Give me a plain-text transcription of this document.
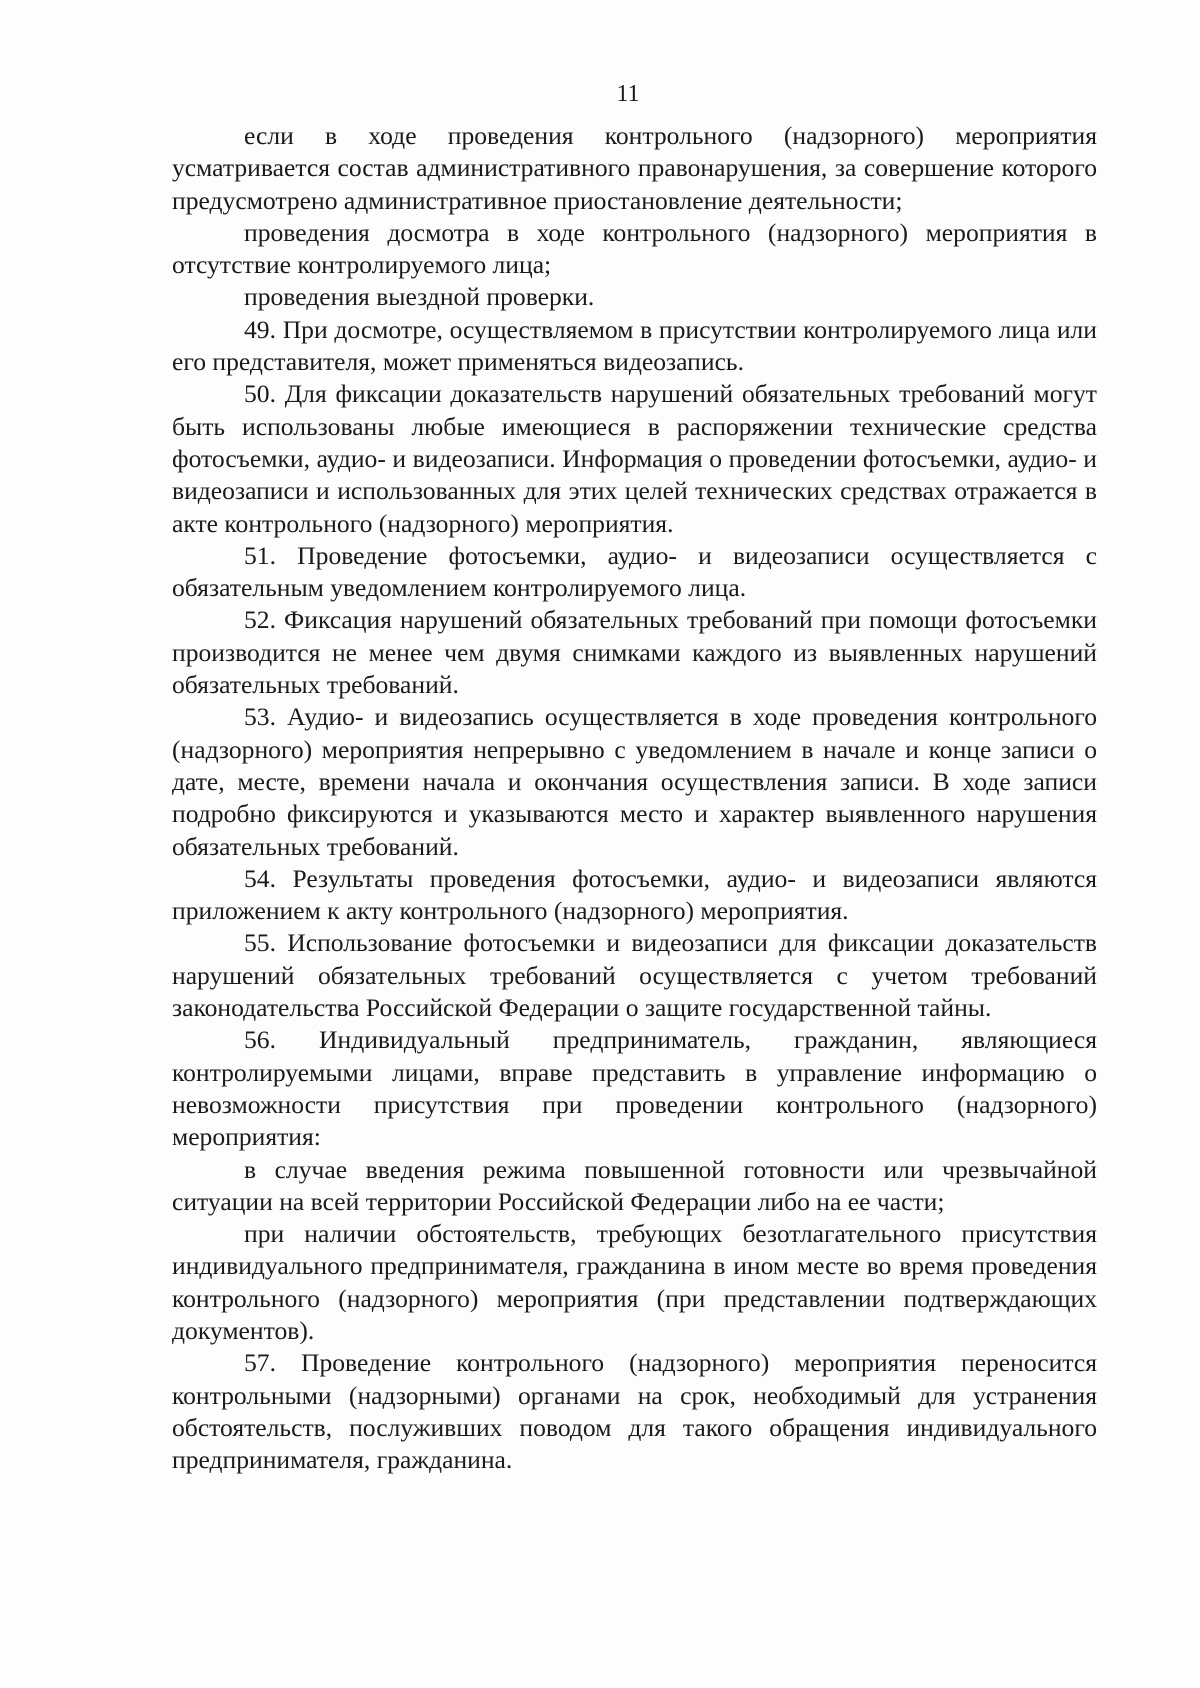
11

если в ходе проведения контрольного (надзорного) мероприятия усматривается состав административного правонарушения, за совершение которого предусмотрено административное приостановление деятельности;

проведения досмотра в ходе контрольного (надзорного) мероприятия в отсутствие контролируемого лица;

проведения выездной проверки.

49. При досмотре, осуществляемом в присутствии контролируемого лица или его представителя, может применяться видеозапись.

50. Для фиксации доказательств нарушений обязательных требований могут быть использованы любые имеющиеся в распоряжении технические средства фотосъемки, аудио- и видеозаписи. Информация о проведении фотосъемки, аудио- и видеозаписи и использованных для этих целей технических средствах отражается в акте контрольного (надзорного) мероприятия.

51. Проведение фотосъемки, аудио- и видеозаписи осуществляется с обязательным уведомлением контролируемого лица.

52. Фиксация нарушений обязательных требований при помощи фотосъемки производится не менее чем двумя снимками каждого из выявленных нарушений обязательных требований.

53. Аудио- и видеозапись осуществляется в ходе проведения контрольного (надзорного) мероприятия непрерывно с уведомлением в начале и конце записи о дате, месте, времени начала и окончания осуществления записи. В ходе записи подробно фиксируются и указываются место и характер выявленного нарушения обязательных требований.

54. Результаты проведения фотосъемки, аудио- и видеозаписи являются приложением к акту контрольного (надзорного) мероприятия.

55. Использование фотосъемки и видеозаписи для фиксации доказательств нарушений обязательных требований осуществляется с учетом требований законодательства Российской Федерации о защите государственной тайны.

56. Индивидуальный предприниматель, гражданин, являющиеся контролируемыми лицами, вправе представить в управление информацию о невозможности присутствия при проведении контрольного (надзорного) мероприятия:

в случае введения режима повышенной готовности или чрезвычайной ситуации на всей территории Российской Федерации либо на ее части;

при наличии обстоятельств, требующих безотлагательного присутствия индивидуального предпринимателя, гражданина в ином месте во время проведения контрольного (надзорного) мероприятия (при представлении подтверждающих документов).

57. Проведение контрольного (надзорного) мероприятия переносится контрольными (надзорными) органами на срок, необходимый для устранения обстоятельств, послуживших поводом для такого обращения индивидуального предпринимателя, гражданина.
